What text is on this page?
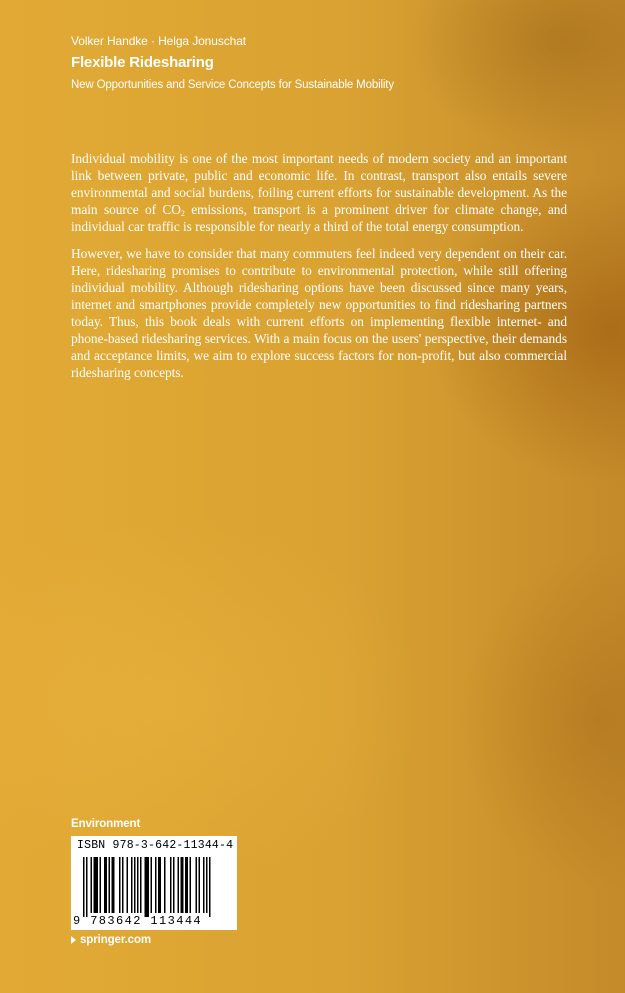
Volker Handke · Helga Jonuschat
Flexible Ridesharing
New Opportunities and Service Concepts for Sustainable Mobility

Individual mobility is one of the most important needs of modern society and an important link between private, public and economic life. In contrast, transport also entails severe environmental and social burdens, foiling current efforts for sustainable development. As the main source of $CO_2$ emissions, transport is a prominent driver for climate change, and individual car traffic is responsible for nearly a third of the total energy consumption.

However, we have to consider that many commuters feel indeed very dependent on their car. Here, ridesharing promises to contribute to environmental protection, while still offering individual mobility. Although ridesharing options have been discussed since many years, internet and smartphones provide completely new opportunities to find ridesharing partners today. Thus, this book deals with current efforts on implementing flexible internet- and phone-based ridesharing services. With a main focus on the users' perspective, their demands and acceptance limits, we aim to explore success factors for non-profit, but also commercial ridesharing concepts.

Environment
ISBN 978-3-642-11344-4
9 783642 113444
springer.com
